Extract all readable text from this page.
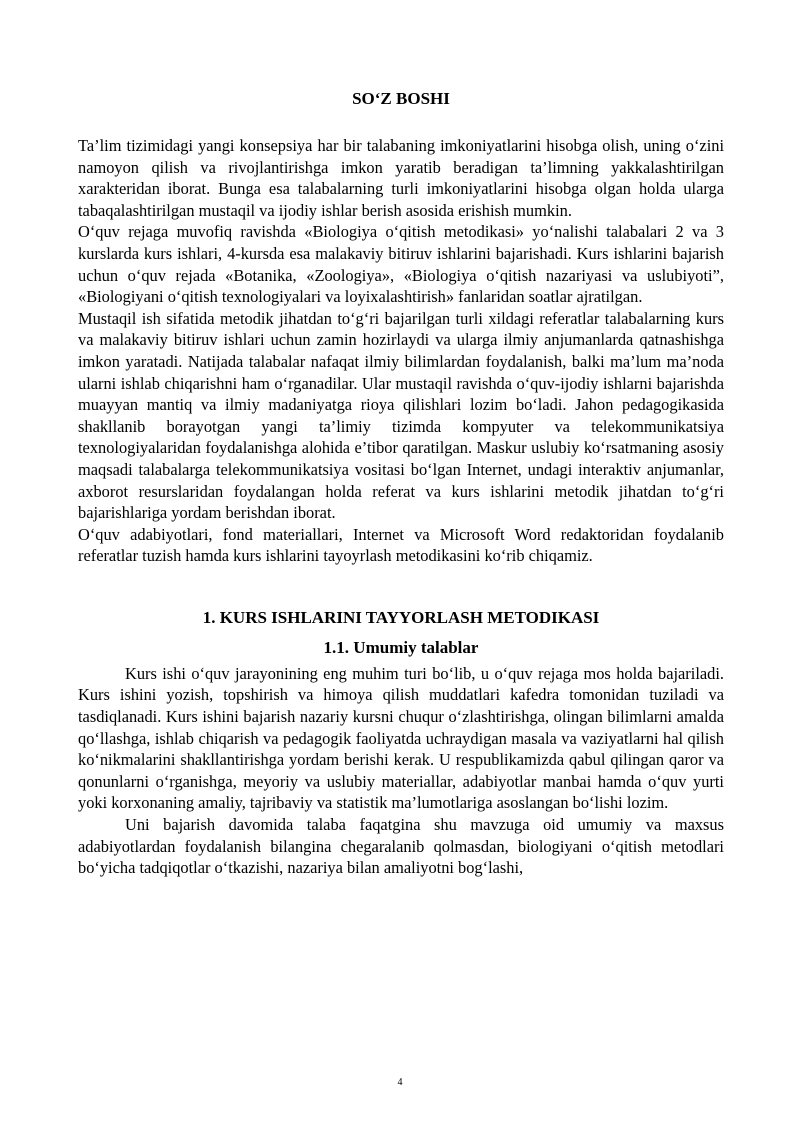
SO‘Z BOSHI

Ta’lim tizimidagi yangi konsepsiya har bir talabaning imkoniyatlarini hisobga olish, uning o‘zini namoyon qilish va rivojlantirishga imkon yaratib beradigan ta’limning yakkalashtirilgan xarakteridan iborat. Bunga esa talabalarning turli imkoniyatlarini hisobga olgan holda ularga tabaqalashtirilgan mustaqil va ijodiy ishlar berish asosida erishish mumkin.

O‘quv rejaga muvofiq ravishda «Biologiya o‘qitish metodikasi» yo‘nalishi talabalari 2 va 3 kurslarda kurs ishlari, 4-kursda esa malakaviy bitiruv ishlarini bajarishadi. Kurs ishlarini bajarish uchun o‘quv rejada «Botanika, «Zoologiya», «Biologiya o‘qitish nazariyasi va uslubiyoti”, «Biologiyani o‘qitish texnologiyalari va loyixalashtirish» fanlaridan soatlar ajratilgan.

Mustaqil ish sifatida metodik jihatdan to‘g‘ri bajarilgan turli xildagi referatlar talabalarning kurs va malakaviy bitiruv ishlari uchun zamin hozirlaydi va ularga ilmiy anjumanlarda qatnashishga imkon yaratadi. Natijada talabalar nafaqat ilmiy bilimlardan foydalanish, balki ma’lum ma’noda ularni ishlab chiqarishni ham o‘rganadilar. Ular mustaqil ravishda o‘quv-ijodiy ishlarni bajarishda muayyan mantiq va ilmiy madaniyatga rioya qilishlari lozim bo‘ladi. Jahon pedagogikasida shakllanib borayotgan yangi ta’limiy tizimda kompyuter va telekommunikatsiya texnologiyalaridan foydalanishga alohida e’tibor qaratilgan. Maskur uslubiy ko‘rsatmaning asosiy maqsadi talabalarga telekommunikatsiya vositasi bo‘lgan Internet, undagi interaktiv anjumanlar, axborot resurslaridan foydalangan holda referat va kurs ishlarini metodik jihatdan to‘g‘ri bajarishlariga yordam berishdan iborat.

O‘quv adabiyotlari, fond materiallari, Internet va Microsoft Word redaktoridan foydalanib referatlar tuzish hamda kurs ishlarini tayoyrlash metodikasini ko‘rib chiqamiz.

1. KURS ISHLARINI TAYYORLASH METODIKASI
1.1. Umumiy talablar

Kurs ishi o‘quv jarayonining eng muhim turi bo‘lib, u o‘quv rejaga mos holda bajariladi. Kurs ishini yozish, topshirish va himoya qilish muddatlari kafedra tomonidan tuziladi va tasdiqlanadi. Kurs ishini bajarish nazariy kursni chuqur o‘zlashtirishga, olingan bilimlarni amalda qo‘llashga, ishlab chiqarish va pedagogik faoliyatda uchraydigan masala va vaziyatlarni hal qilish ko‘nikmalarini shakllantirishga yordam berishi kerak. U respublikamizda qabul qilingan qaror va qonunlarni o‘rganishga, meyoriy va uslubiy materiallar, adabiyotlar manbai hamda o‘quv yurti yoki korxonaning amaliy, tajribaviy va statistik ma’lumotlariga asoslangan bo‘lishi lozim.

Uni bajarish davomida talaba faqatgina shu mavzuga oid umumiy va maxsus adabiyotlardan foydalanish bilangina chegaralanib qolmasdan, biologiyani o‘qitish metodlari bo‘yicha tadqiqotlar o‘tkazishi, nazariya bilan amaliyotni bog‘lashi,

4
